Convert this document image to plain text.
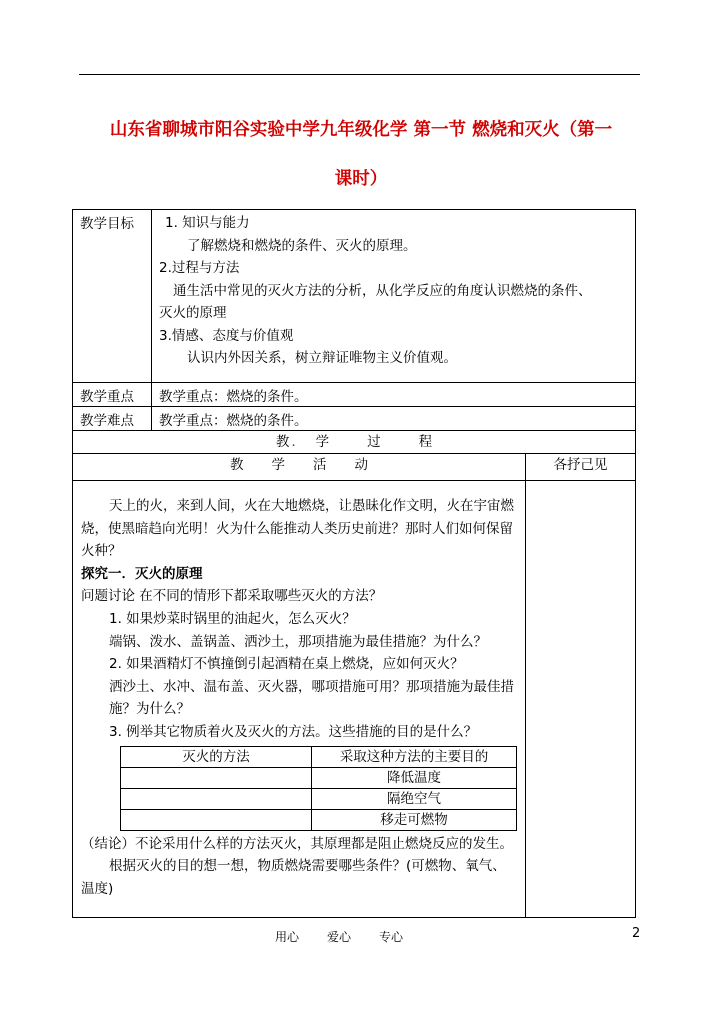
山东省聊城市阳谷实验中学九年级化学 第一节 燃烧和灭火（第一
课时）
教学目标	1. 知识与能力
了解燃烧和燃烧的条件、灭火的原理。
2.过程与方法
通生活中常见的灭火方法的分析，从化学反应的角度认识燃烧的条件、
灭火的原理
3.情感、态度与价值观
认识内外因关系，树立辩证唯物主义价值观。

教学重点	教学重点：燃烧的条件。
教学难点	教学重点：燃烧的条件。
教 . 学	过	程
教 学 活 动	各抒己见

天上的火，来到人间，火在大地燃烧，让愚昧化作文明，火在宇宙燃烧，使黑暗趋向光明！火为什么能推动人类历史前进？那时人们如何保留火种？
探究一．灭火的原理
问题讨论 在不同的情形下都采取哪些灭火的方法？
1. 如果炒菜时锅里的油起火，怎么灭火？
端锅、泼水、盖锅盖、洒沙土，那项措施为最佳措施？为什么？
2. 如果酒精灯不慎撞倒引起酒精在桌上燃烧，应如何灭火？
洒沙土、水冲、温布盖、灭火器，哪项措施可用？那项措施为最佳措施？为什么？
3. 例举其它物质着火及灭火的方法。这些措施的目的是什么？
灭火的方法	采取这种方法的主要目的
	降低温度
	隔绝空气
	移走可燃物
（结论）不论采用什么样的方法灭火，其原理都是阻止燃烧反应的发生。
根据灭火的目的想一想，物质燃烧需要哪些条件？(可燃物、氧气、温度)

用心 爱心 专心	2
